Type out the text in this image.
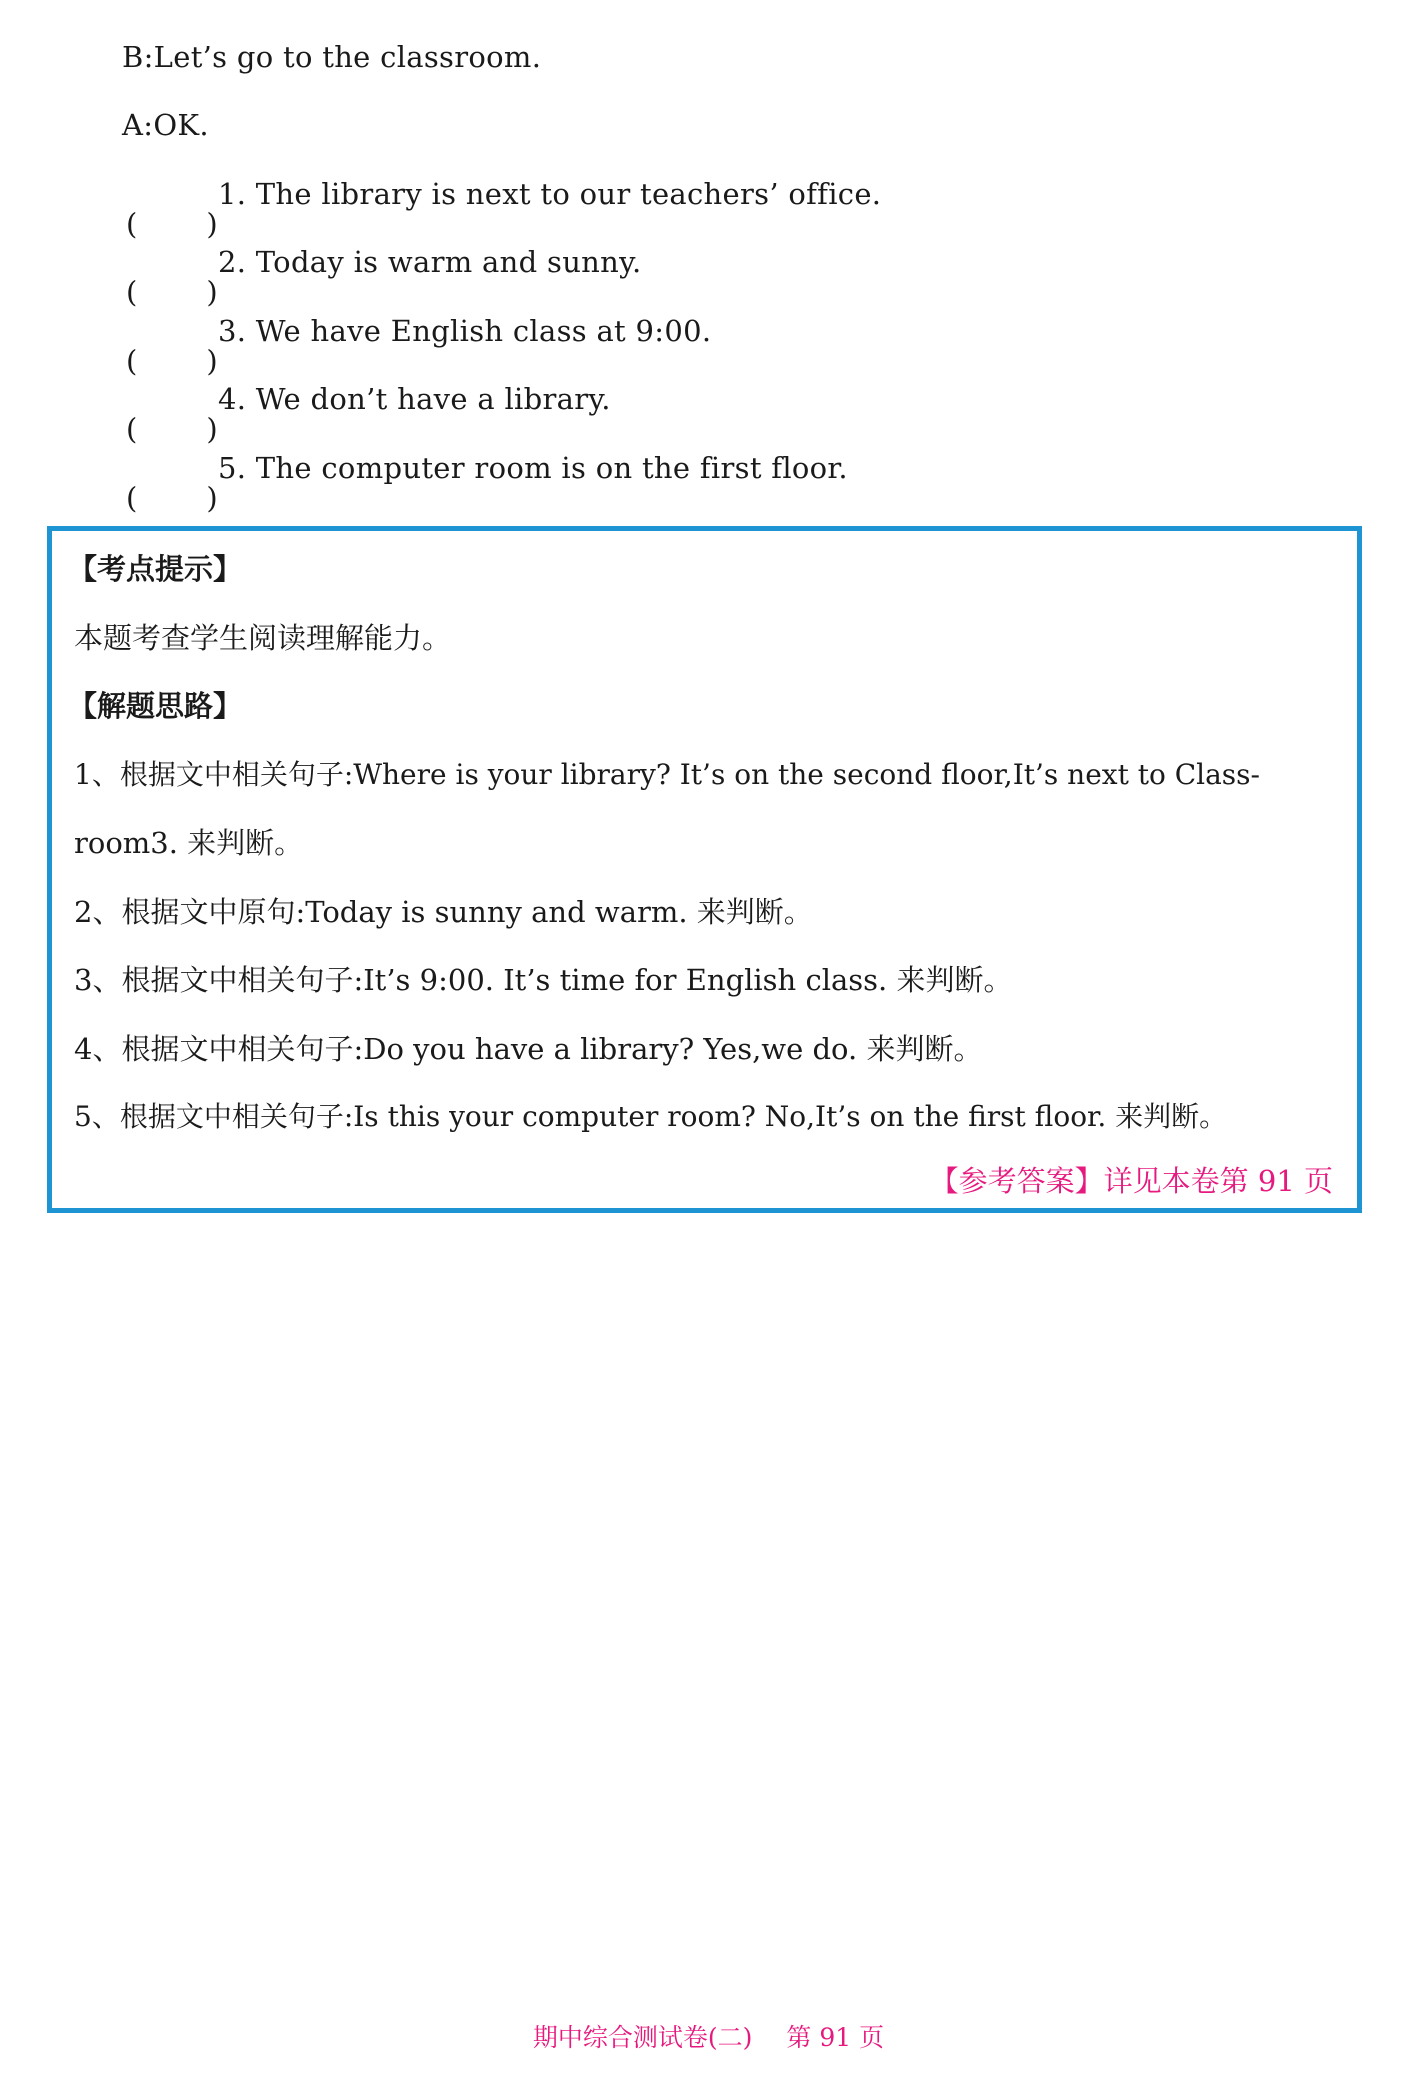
B:Let’s go to the classroom.
A:OK.
( )
1. The library is next to our teachers’ office.
( )
2. Today is warm and sunny.
( )
3. We have English class at 9:00.
( )
4. We don’t have a library.
( )
5. The computer room is on the first floor.
【考点提示】
本题考查学生阅读理解能力。
【解题思路】
1、根据文中相关句子:Where is your library? It’s on the second floor,It’s next to Class-
room3. 来判断。
2、根据文中原句:Today is sunny and warm. 来判断。
3、根据文中相关句子:It’s 9:00. It’s time for English class. 来判断。
4、根据文中相关句子:Do you have a library? Yes,we do. 来判断。
5、根据文中相关句子:Is this your computer room? No,It’s on the first floor. 来判断。
【参考答案】详见本卷第 91 页
期中综合测试卷(二) 第 91 页
